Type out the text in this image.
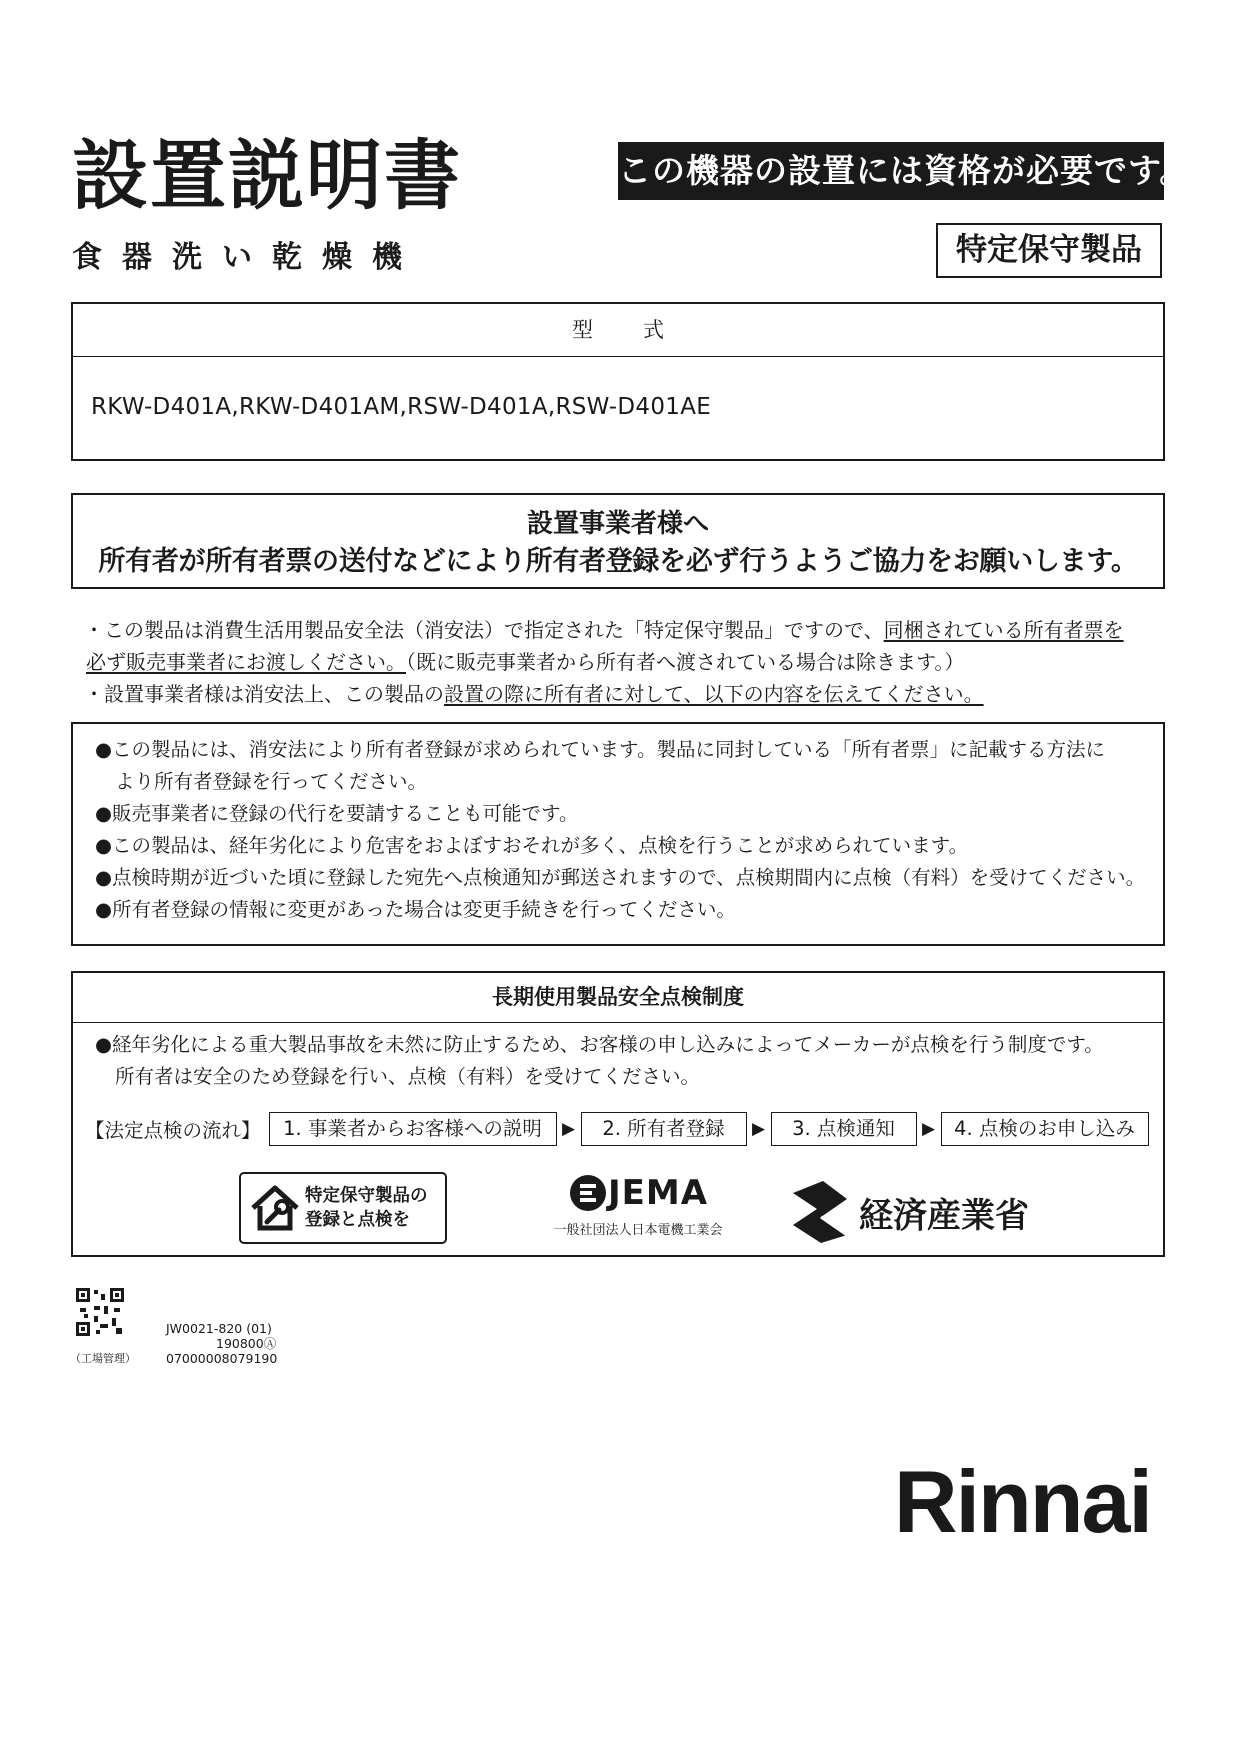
設置説明書
食器洗い乾燥機
この機器の設置には資格が必要です。
特定保守製品
型式
RKW-D401A,RKW-D401AM,RSW-D401A,RSW-D401AE
設置事業者様へ
所有者が所有者票の送付などにより所有者登録を必ず行うようご協力をお願いします。
・この製品は消費生活用製品安全法（消安法）で指定された「特定保守製品」ですので、同梱されている所有者票を
必ず販売事業者にお渡しください。（既に販売事業者から所有者へ渡されている場合は除きます。）
・設置事業者様は消安法上、この製品の設置の際に所有者に対して、以下の内容を伝えてください。
●この製品には、消安法により所有者登録が求められています。製品に同封している「所有者票」に記載する方法に
より所有者登録を行ってください。
●販売事業者に登録の代行を要請することも可能です。
●この製品は、経年劣化により危害をおよぼすおそれが多く、点検を行うことが求められています。
●点検時期が近づいた頃に登録した宛先へ点検通知が郵送されますので、点検期間内に点検（有料）を受けてください。
●所有者登録の情報に変更があった場合は変更手続きを行ってください。
長期使用製品安全点検制度
●経年劣化による重大製品事故を未然に防止するため、お客様の申し込みによってメーカーが点検を行う制度です。
所有者は安全のため登録を行い、点検（有料）を受けてください。
【法定点検の流れ】	1. 事業者からお客様への説明	▶	2. 所有者登録	▶	3. 点検通知	▶ 4. 点検のお申し込み
特定保守製品の
登録と点検を
JEMA
一般社団法人日本電機工業会	経済産業省
（工場管理）
JW0021-820 (01)
190800Ⓐ
07000008079190
Rinnai
